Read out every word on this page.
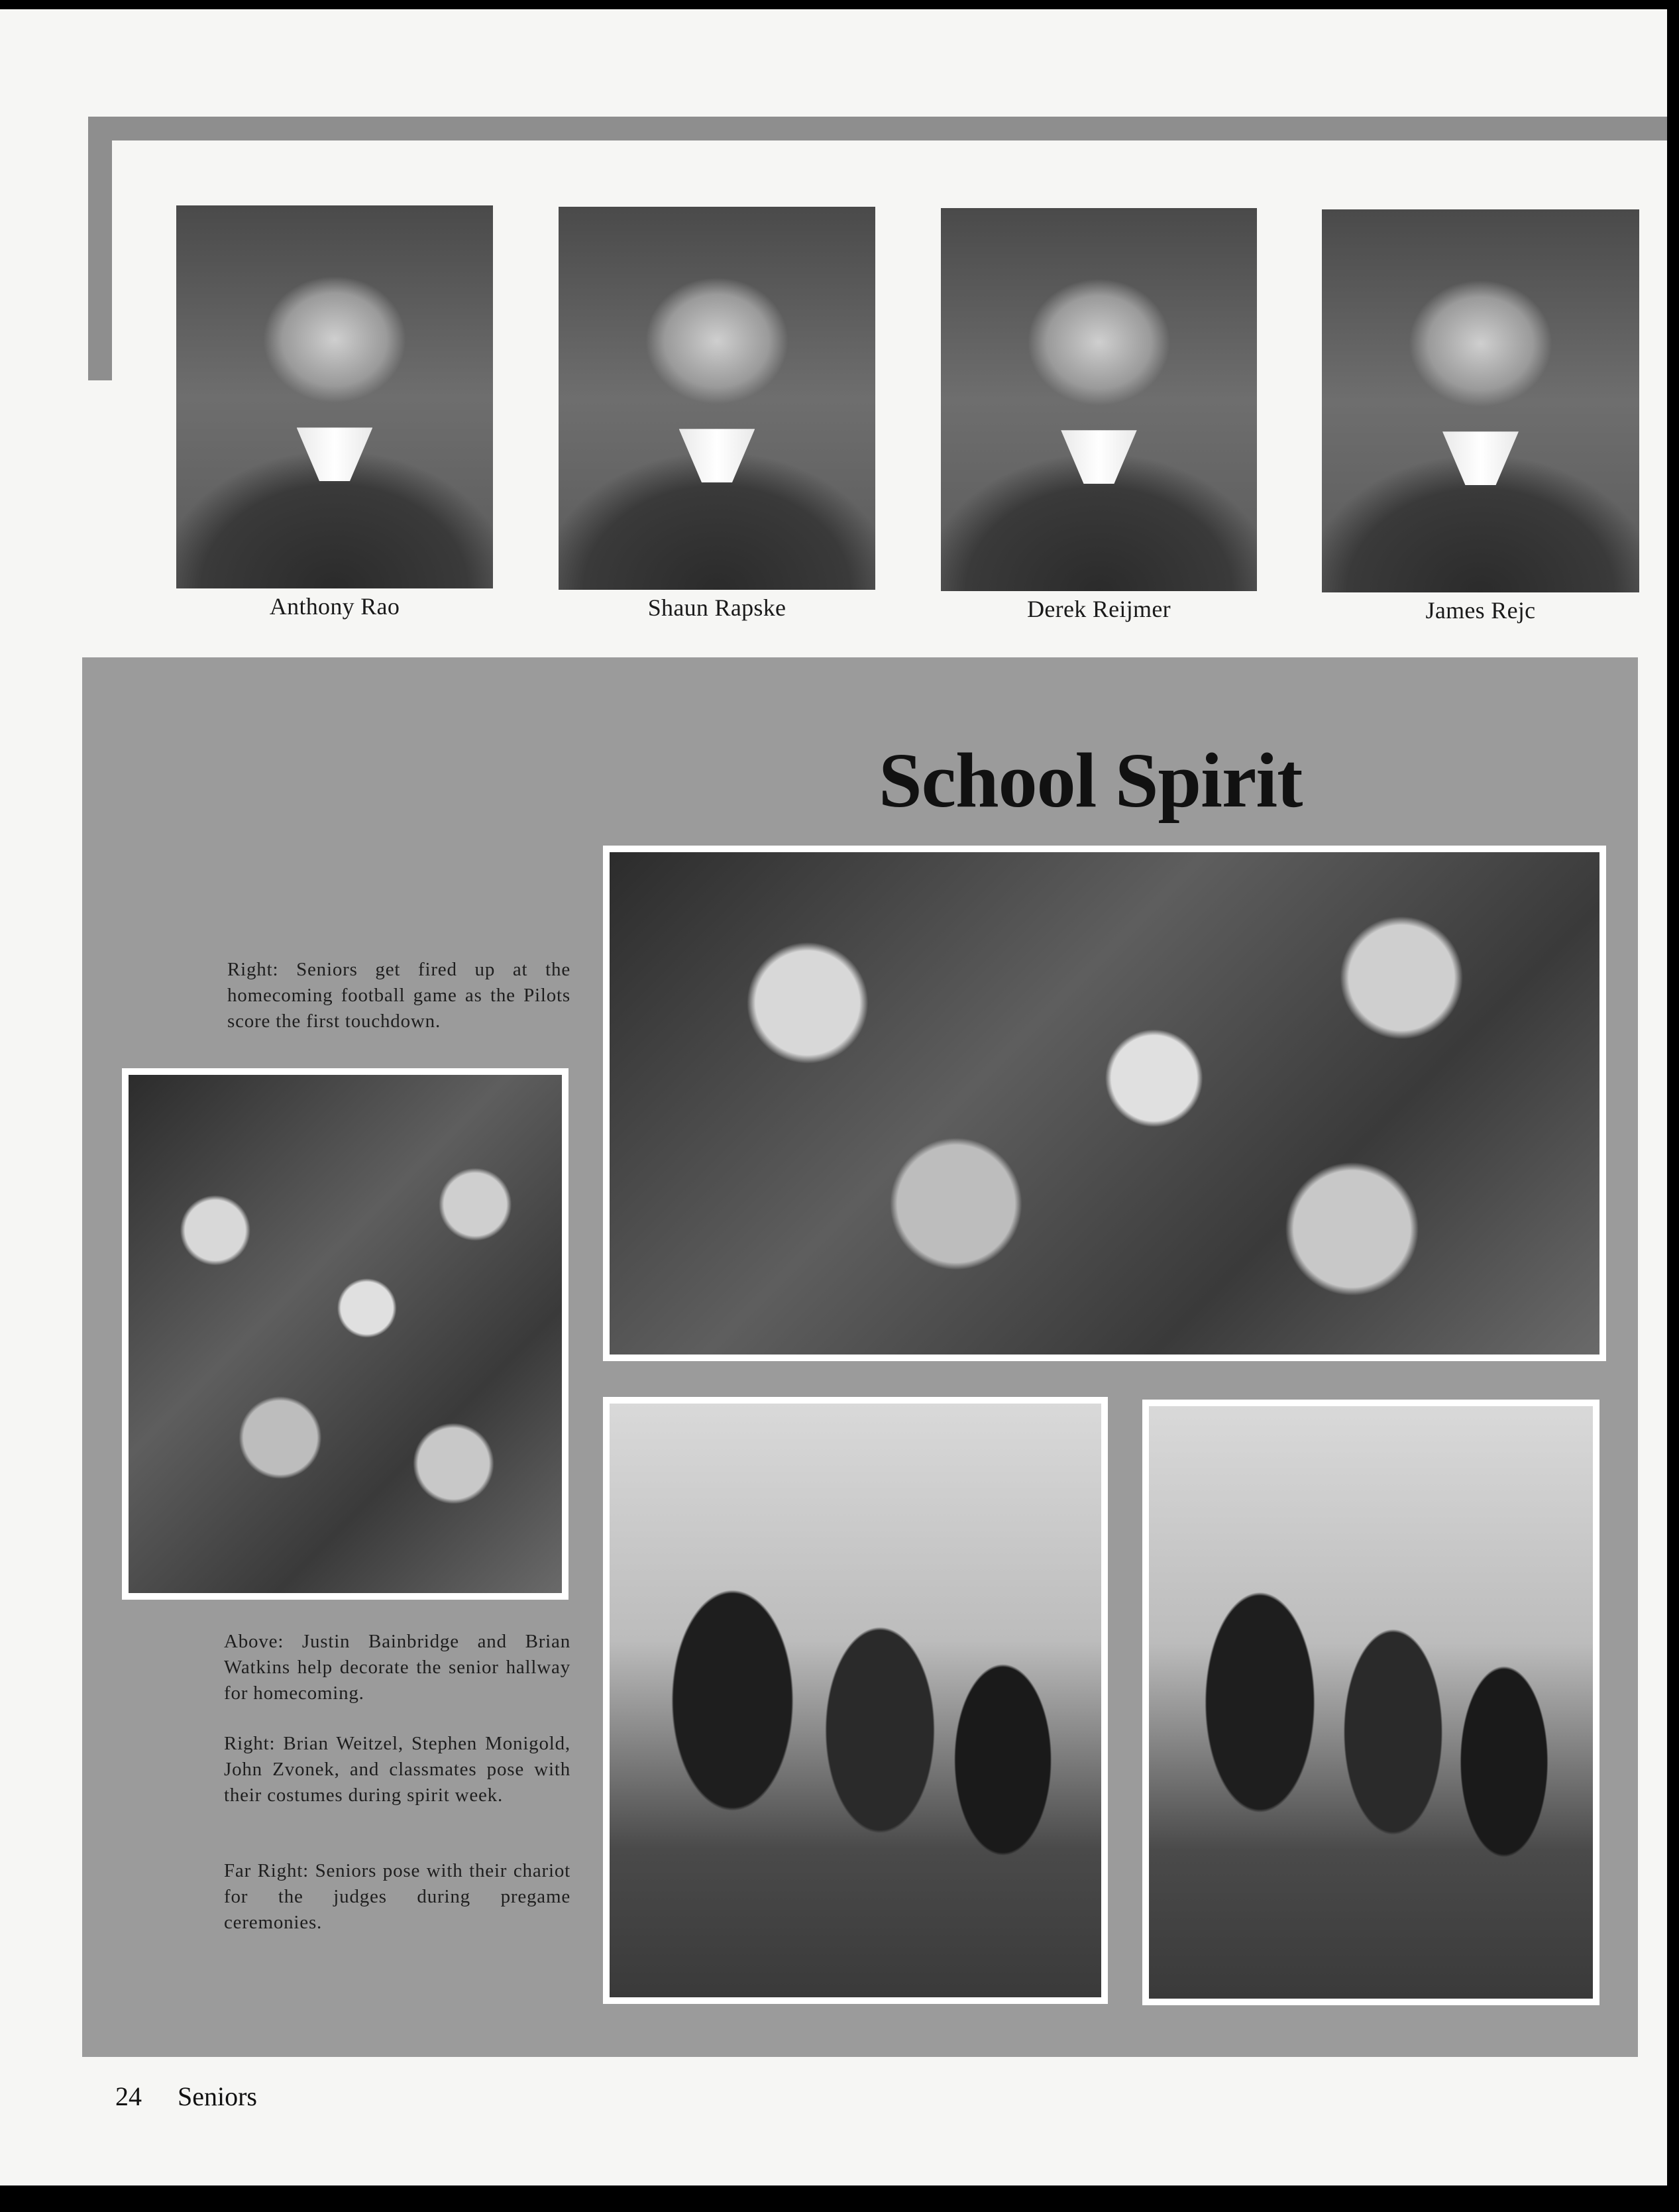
Anthony Rao	Shaun Rapske	Derek Reijmer	James Rejc
School Spirit
Right: Seniors get fired up at the homecoming football game as the Pilots score the first touchdown.
Above: Justin Bainbridge and Brian Watkins help decorate the senior hallway for homecoming.
Right: Brian Weitzel, Stephen Monigold, John Zvonek, and classmates pose with their costumes during spirit week.
Far Right: Seniors pose with their chariot for the judges during pregame ceremonies.
24 Seniors
